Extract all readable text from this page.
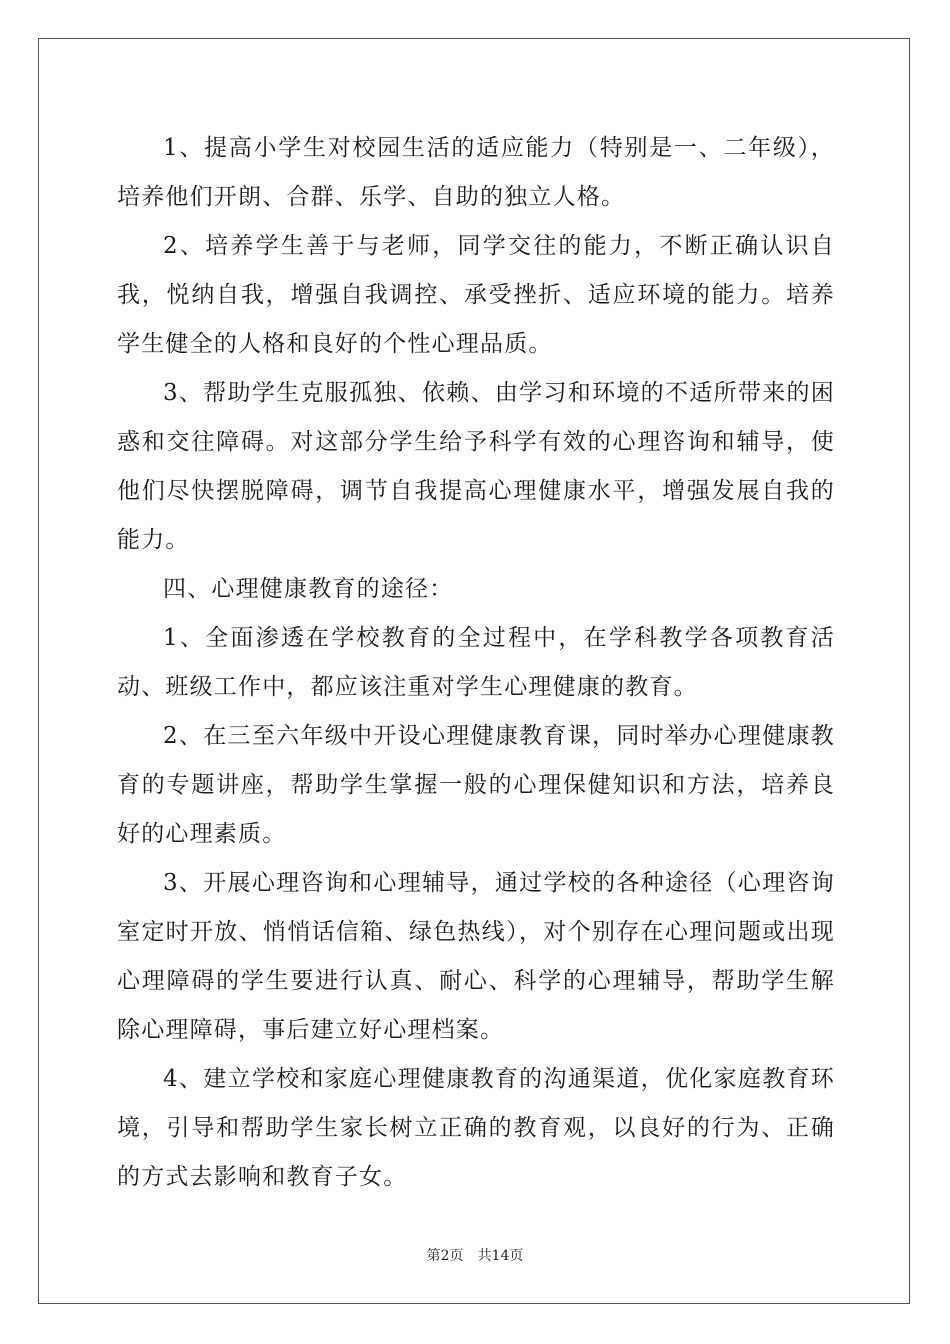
1、提高小学生对校园生活的适应能力（特别是一、二年级），培养他们开朗、合群、乐学、自助的独立人格。

2、培养学生善于与老师，同学交往的能力，不断正确认识自我，悦纳自我，增强自我调控、承受挫折、适应环境的能力。培养学生健全的人格和良好的个性心理品质。

3、帮助学生克服孤独、依赖、由学习和环境的不适所带来的困惑和交往障碍。对这部分学生给予科学有效的心理咨询和辅导，使他们尽快摆脱障碍，调节自我提高心理健康水平，增强发展自我的能力。

四、心理健康教育的途径：

1、全面渗透在学校教育的全过程中，在学科教学各项教育活动、班级工作中，都应该注重对学生心理健康的教育。

2、在三至六年级中开设心理健康教育课，同时举办心理健康教育的专题讲座，帮助学生掌握一般的心理保健知识和方法，培养良好的心理素质。

3、开展心理咨询和心理辅导，通过学校的各种途径（心理咨询室定时开放、悄悄话信箱、绿色热线），对个别存在心理问题或出现心理障碍的学生要进行认真、耐心、科学的心理辅导，帮助学生解除心理障碍，事后建立好心理档案。

4、建立学校和家庭心理健康教育的沟通渠道，优化家庭教育环境，引导和帮助学生家长树立正确的教育观，以良好的行为、正确的方式去影响和教育子女。

第2页　共14页
